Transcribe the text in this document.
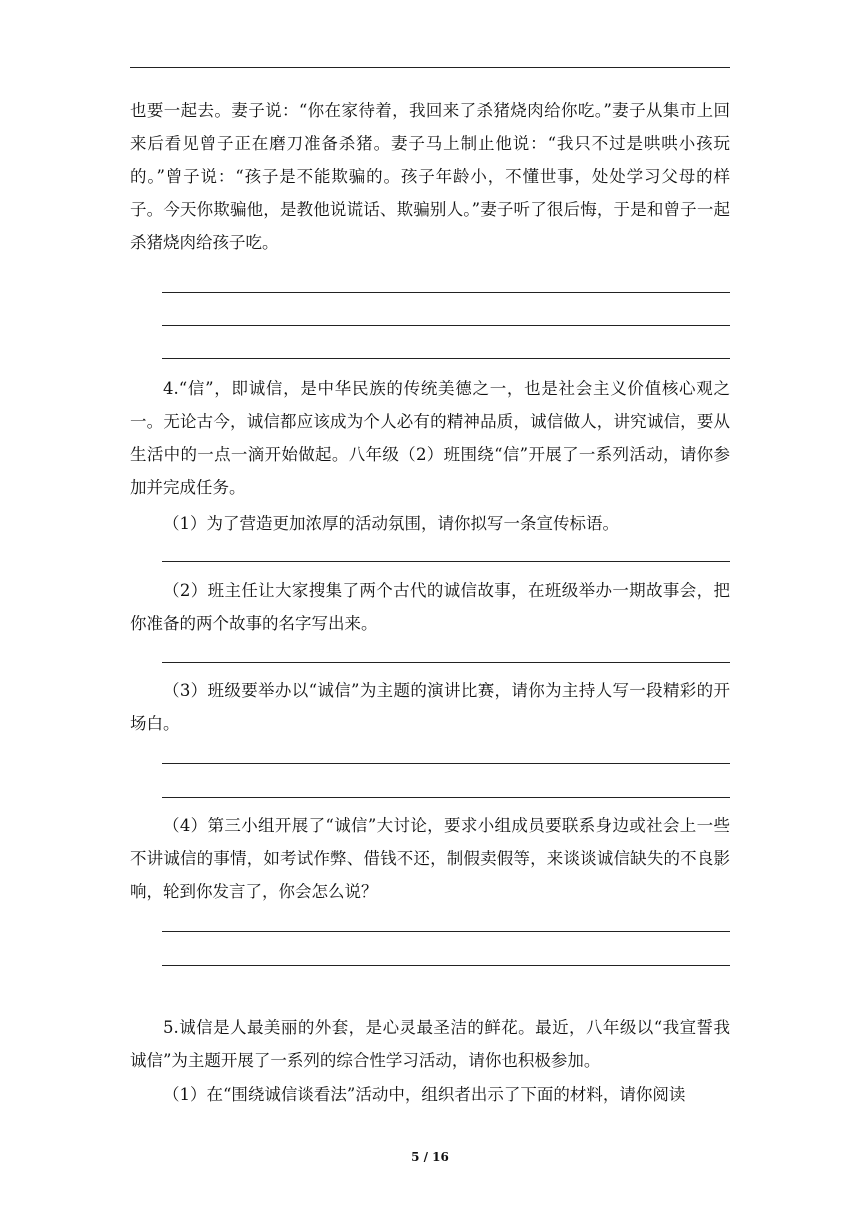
也要一起去。妻子说：“你在家待着，我回来了杀猪烧肉给你吃。”妻子从集市上回来后看见曾子正在磨刀准备杀猪。妻子马上制止他说：“我只不过是哄哄小孩玩的。”曾子说：“孩子是不能欺骗的。孩子年龄小，不懂世事，处处学习父母的样子。今天你欺骗他，是教他说谎话、欺骗别人。”妻子听了很后悔，于是和曾子一起杀猪烧肉给孩子吃。

4.“信”，即诚信，是中华民族的传统美德之一，也是社会主义价值核心观之一。无论古今，诚信都应该成为个人必有的精神品质，诚信做人，讲究诚信，要从生活中的一点一滴开始做起。八年级（2）班围绕“信”开展了一系列活动，请你参加并完成任务。

（1）为了营造更加浓厚的活动氛围，请你拟写一条宣传标语。

（2）班主任让大家搜集了两个古代的诚信故事，在班级举办一期故事会，把你准备的两个故事的名字写出来。

（3）班级要举办以“诚信”为主题的演讲比赛，请你为主持人写一段精彩的开场白。

（4）第三小组开展了“诚信”大讨论，要求小组成员要联系身边或社会上一些不讲诚信的事情，如考试作弊、借钱不还，制假卖假等，来谈谈诚信缺失的不良影响，轮到你发言了，你会怎么说？

5.诚信是人最美丽的外套，是心灵最圣洁的鲜花。最近，八年级以“我宣誓我诚信”为主题开展了一系列的综合性学习活动，请你也积极参加。

（1）在“围绕诚信谈看法”活动中，组织者出示了下面的材料，请你阅读

5 / 16
